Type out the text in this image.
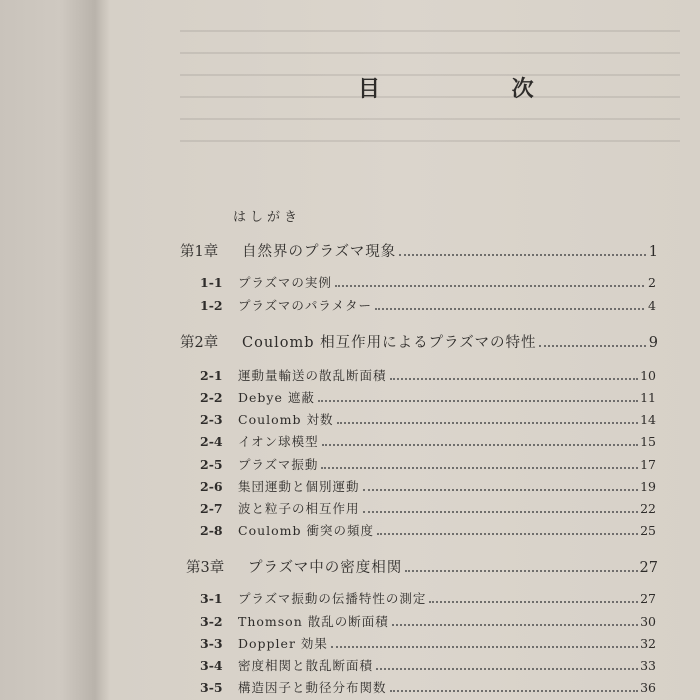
目 次
はしがき
第1章	自然界のプラズマ現象	1
1-1	プラズマの実例	2
1-2	プラズマのパラメター	4
第2章	Coulomb 相互作用によるプラズマの特性	9
2-1	運動量輸送の散乱断面積	10
2-2	Debye 遮蔽	11
2-3	Coulomb 対数	14
2-4	イオン球模型	15
2-5	プラズマ振動	17
2-6	集団運動と個別運動	19
2-7	波と粒子の相互作用	22
2-8	Coulomb 衝突の頻度	25
第3章	プラズマ中の密度相関	27
3-1	プラズマ振動の伝播特性の測定	27
3-2	Thomson 散乱の断面積	30
3-3	Doppler 効果	32
3-4	密度相関と散乱断面積	33
3-5	構造因子と動径分布関数	36
